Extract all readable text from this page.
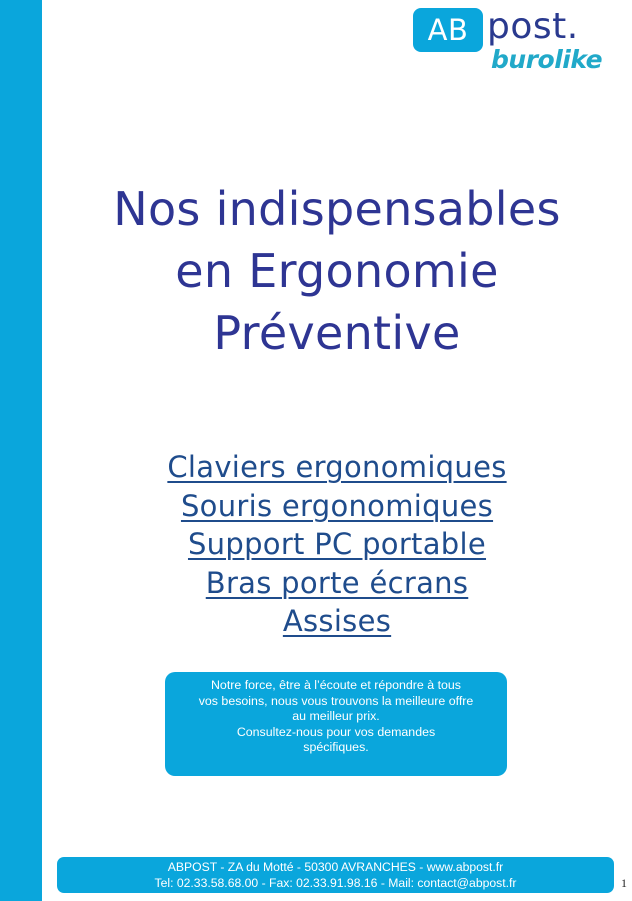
AB post.
burolike
Nos indispensables
en Ergonomie
Préventive
Claviers ergonomiques
Souris ergonomiques
Support PC portable
Bras porte écrans
Assises
Notre force, être à l’écoute et répondre à tous
vos besoins, nous vous trouvons la meilleure offre
au meilleur prix.
Consultez-nous pour vos demandes
spécifiques.
ABPOST - ZA du Motté - 50300 AVRANCHES - www.abpost.fr
Tel: 02.33.58.68.00 - Fax: 02.33.91.98.16 - Mail: contact@abpost.fr	1
